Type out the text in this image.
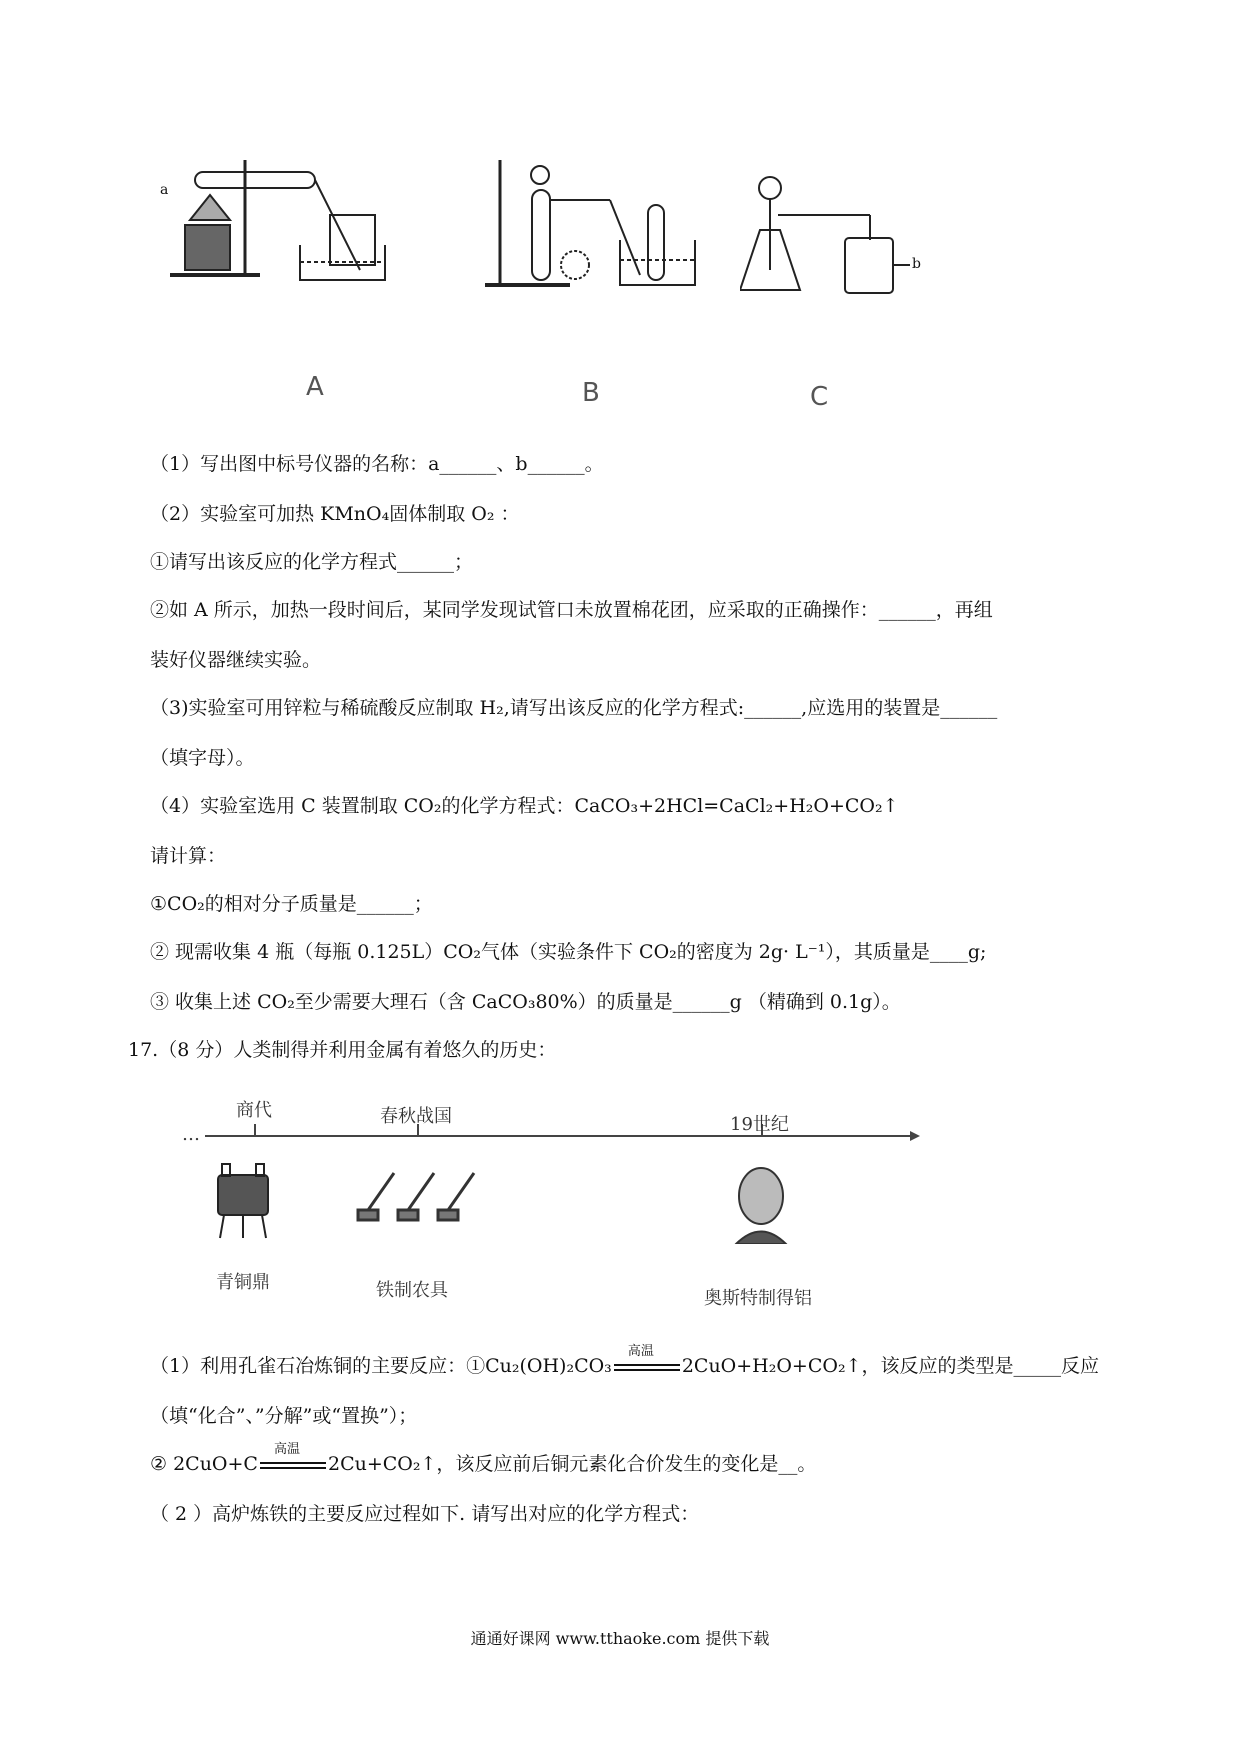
a
b
A	B	C
（1）写出图中标号仪器的名称：a______、b______。
（2）实验室可加热 KMnO₄固体制取 O₂ ：
①请写出该反应的化学方程式______；
②如 A 所示，加热一段时间后，某同学发现试管口未放置棉花团，应采取的正确操作：______，再组
装好仪器继续实验。
（3)实验室可用锌粒与稀硫酸反应制取 H₂,请写出该反应的化学方程式:______,应选用的装置是______
（填字母）。
（4）实验室选用 C 装置制取 CO₂的化学方程式：CaCO₃+2HCl=CaCl₂+H₂O+CO₂↑
请计算：
①CO₂的相对分子质量是______；
② 现需收集 4 瓶（每瓶 0.125L）CO₂气体（实验条件下 CO₂的密度为 2g· L⁻¹），其质量是____g;
③ 收集上述 CO₂至少需要大理石（含 CaCO₃80%）的质量是______g （精确到 0.1g）。
17.（8 分）人类制得并利用金属有着悠久的历史：
…
商代	春秋战国	19世纪
青铜鼎	铁制农具	奥斯特制得铝
（1）利用孔雀石冶炼铜的主要反应：①Cu₂(OH)₂CO₃
高温
2CuO+H₂O+CO₂↑，该反应的类型是_____反应
（填“化合”、”分解”或“置换”）；
② 2CuO+C
高温
2Cu+CO₂↑，该反应前后铜元素化合价发生的变化是__。
（ 2 ）高炉炼铁的主要反应过程如下. 请写出对应的化学方程式：
通通好课网 www.tthaoke.com 提供下载
